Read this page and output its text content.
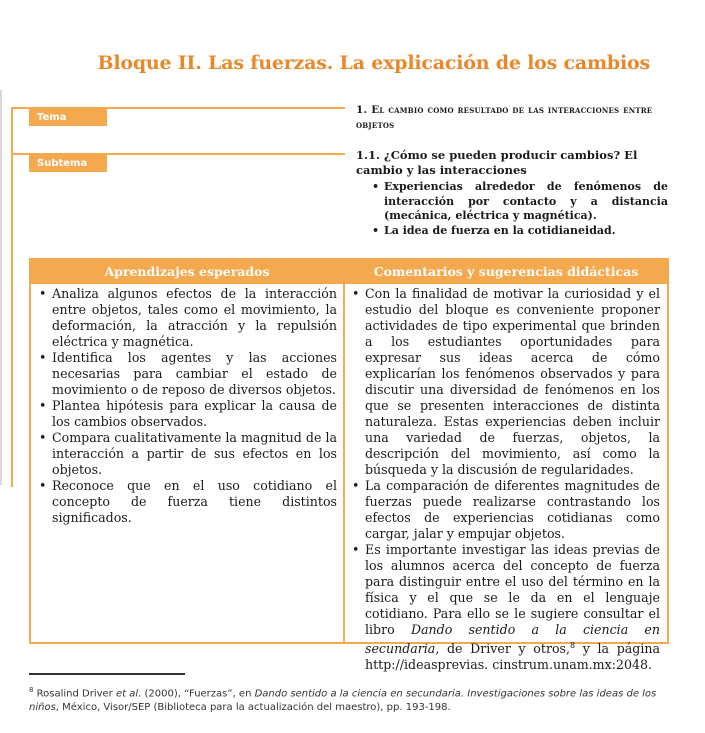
Bloque II. Las fuerzas. La explicación de los cambios
Tema
1. El cambio como resultado de las interacciones entre objetos
Subtema
1.1. ¿Cómo se pueden producir cambios? El cambio y las interacciones
• Experiencias alrededor de fenómenos de interacción por contacto y a distancia (mecánica, eléctrica y magnética).
• La idea de fuerza en la cotidianeidad.
Aprendizajes esperados	Comentarios y sugerencias didácticas
• Analiza algunos efectos de la interacción entre objetos, tales como el movimiento, la deformación, la atracción y la repulsión eléctrica y magnética.
• Identifica los agentes y las acciones necesarias para cambiar el estado de movimiento o de reposo de diversos objetos.
• Plantea hipótesis para explicar la causa de los cambios observados.
• Compara cualitativamente la magnitud de la interacción a partir de sus efectos en los objetos.
• Reconoce que en el uso cotidiano el concepto de fuerza tiene distintos significados.
• Con la finalidad de motivar la curiosidad y el estudio del bloque es conveniente proponer actividades de tipo experimental que brinden a los estudiantes oportunidades para expresar sus ideas acerca de cómo explicarían los fenómenos observados y para discutir una diversidad de fenómenos en los que se presenten interacciones de distinta naturaleza. Estas experiencias deben incluir una variedad de fuerzas, objetos, la descripción del movimiento, así como la búsqueda y la discusión de regularidades.
• La comparación de diferentes magnitudes de fuerzas puede realizarse contrastando los efectos de experiencias cotidianas como cargar, jalar y empujar objetos.
• Es importante investigar las ideas previas de los alumnos acerca del concepto de fuerza para distinguir entre el uso del término en la física y el que se le da en el lenguaje cotidiano. Para ello se le sugiere consultar el libro Dando sentido a la ciencia en secundaria, de Driver y otros,$^8$ y la página http://ideasprevias. cinstrum.unam.mx:2048.
$^8$ Rosalind Driver et al. (2000), “Fuerzas”, en Dando sentido a la ciencia en secundaria. Investigaciones sobre las ideas de los niños, México, Visor/SEP (Biblioteca para la actualización del maestro), pp. 193-198.
